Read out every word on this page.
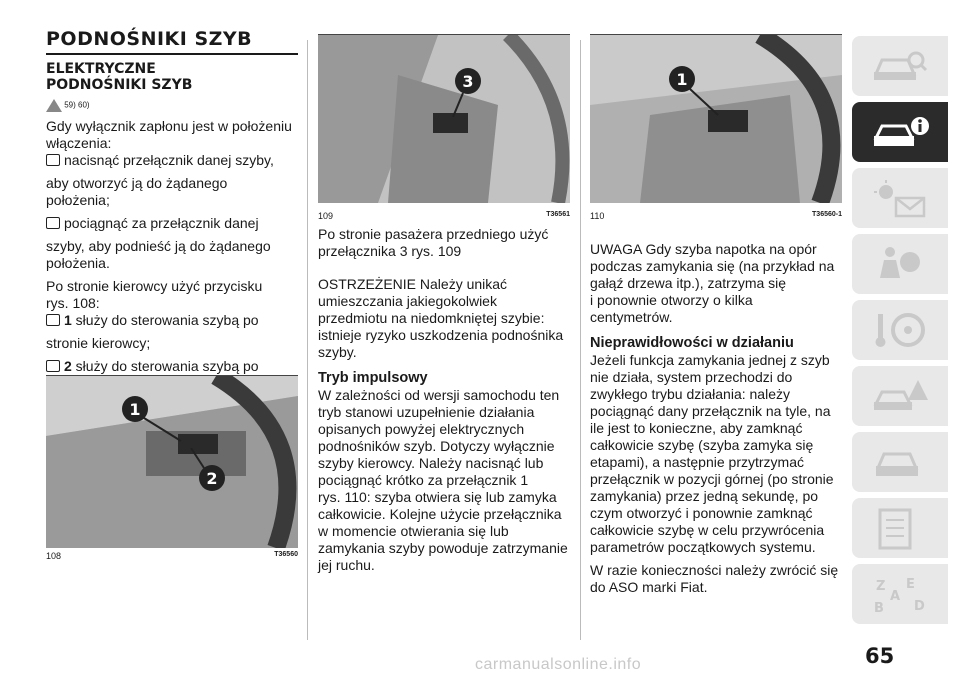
PODNOŚNIKI SZYB
ELEKTRYCZNE
PODNOŚNIKI SZYB
59) 60)

Gdy wyłącznik zapłonu jest w położeniu

włączenia:

nacisnąć przełącznik danej szyby,

aby otworzyć ją do żądanego

położenia;

pociągnąć za przełącznik danej

szyby, aby podnieść ją do żądanego

położenia.

Po stronie kierowcy użyć przycisku

rys. 108:

1 służy do sterowania szybą po

stronie kierowcy;

2 służy do sterowania szybą po

1
2
108	T36560
3
109	T36561

Po stronie pasażera przedniego użyć

przełącznika 3 rys. 109

OSTRZEŻENIE Należy unikać

umieszczania jakiegokolwiek

przedmiotu na niedomkniętej szybie:

istnieje ryzyko uszkodzenia podnośnika

szyby.

Tryb impulsowy

W zależności od wersji samochodu ten

tryb stanowi uzupełnienie działania

opisanych powyżej elektrycznych

podnośników szyb. Dotyczy wyłącznie

szyby kierowcy. Należy nacisnąć lub

pociągnąć krótko za przełącznik 1

rys. 110: szyba otwiera się lub zamyka

całkowicie. Kolejne użycie przełącznika

w momencie otwierania się lub

zamykania szyby powoduje zatrzymanie

jej ruchu.

1
110	T36560-1

UWAGA Gdy szyba napotka na opór

podczas zamykania się (na przykład na

gałąź drzewa itp.), zatrzyma się

i ponownie otworzy o kilka

centymetrów.

Nieprawidłowości w działaniu

Jeżeli funkcja zamykania jednej z szyb

nie działa, system przechodzi do

zwykłego trybu działania: należy

pociągnąć dany przełącznik na tyle, na

ile jest to konieczne, aby zamknąć

całkowicie szybę (szyba zamyka się

etapami), a następnie przytrzymać

przełącznik w pozycji górnej (po stronie

zamykania) przez jedną sekundę, po

czym otworzyć i ponownie zamknąć

całkowicie szybę w celu przywrócenia

parametrów początkowych systemu.

W razie konieczności należy zwrócić się

do ASO marki Fiat.	Z E
A
B D
65
carmanualsonline.info
